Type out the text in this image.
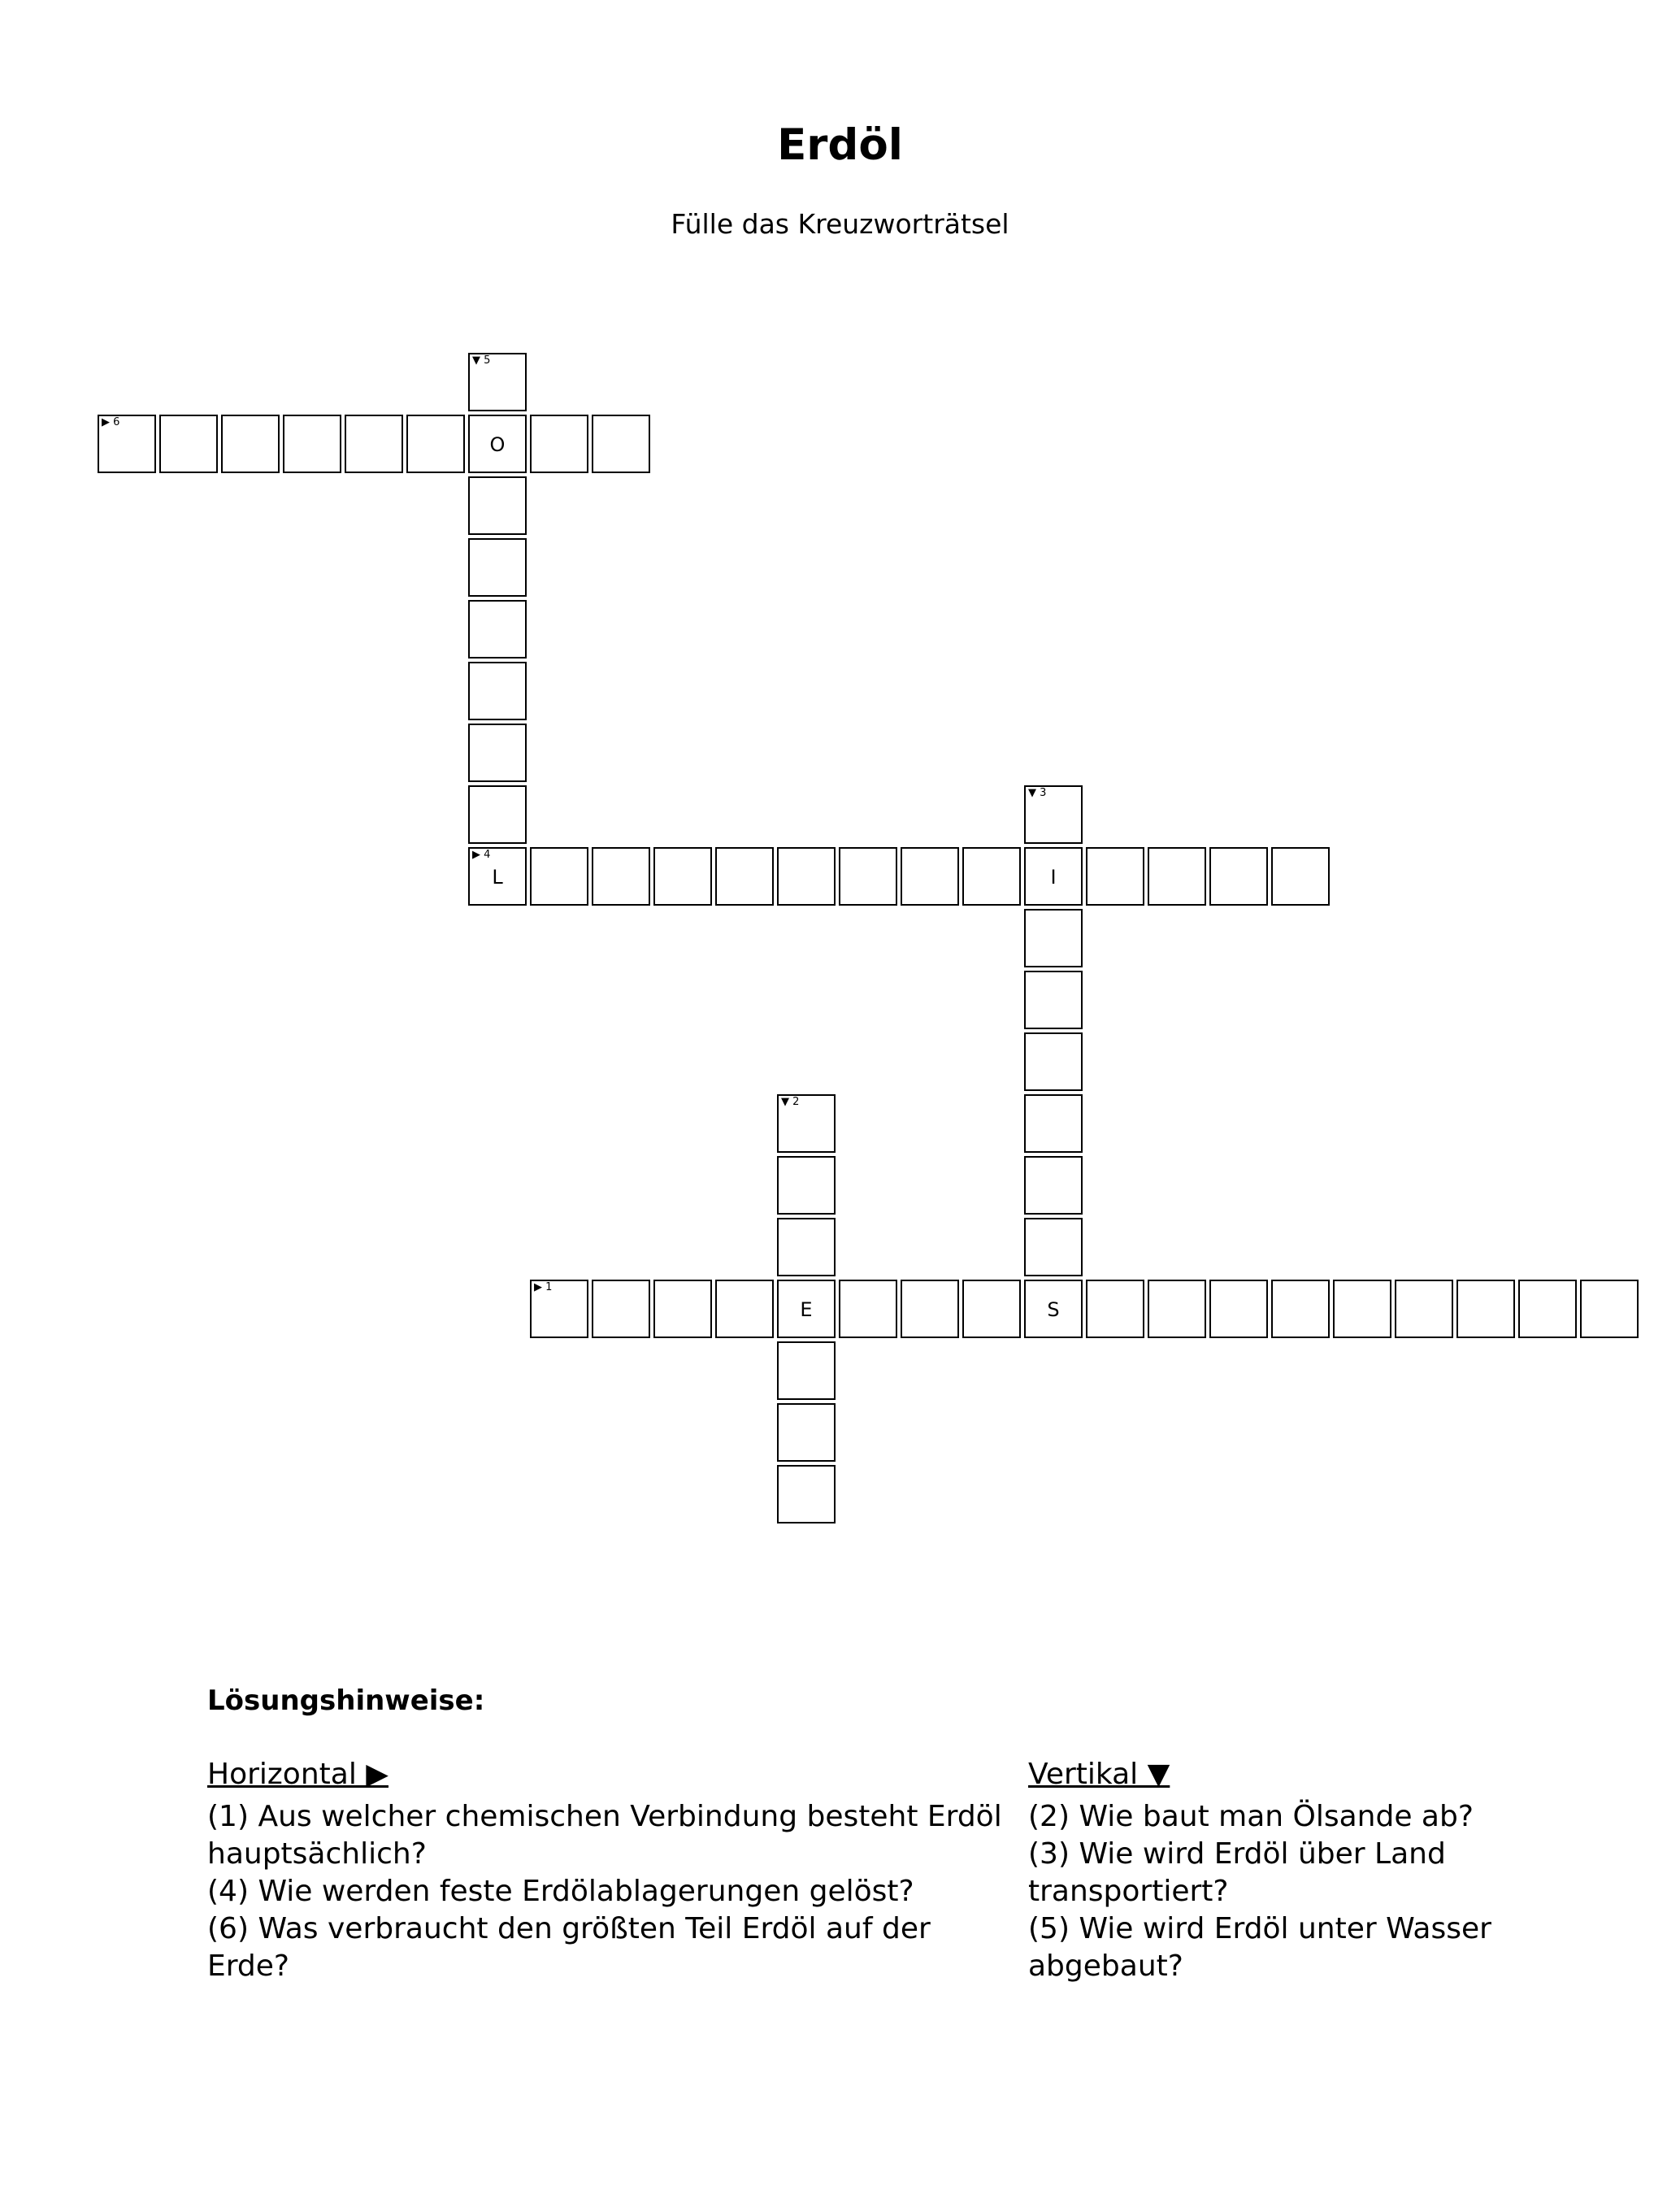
Erdöl
Fülle das Kreuzworträtsel
▼ 5
▶ 6
O
▼ 3
▶ 4
L	I
▼ 2
▶ 1
E	S
Lösungshinweise:
Horizontal ▶
(1) Aus welcher chemischen Verbindung besteht Erdöl hauptsächlich?
(4) Wie werden feste Erdölablagerungen gelöst?
(6) Was verbraucht den größten Teil Erdöl auf der Erde?
Vertikal ▼
(2) Wie baut man Ölsande ab?
(3) Wie wird Erdöl über Land transportiert?
(5) Wie wird Erdöl unter Wasser abgebaut?
